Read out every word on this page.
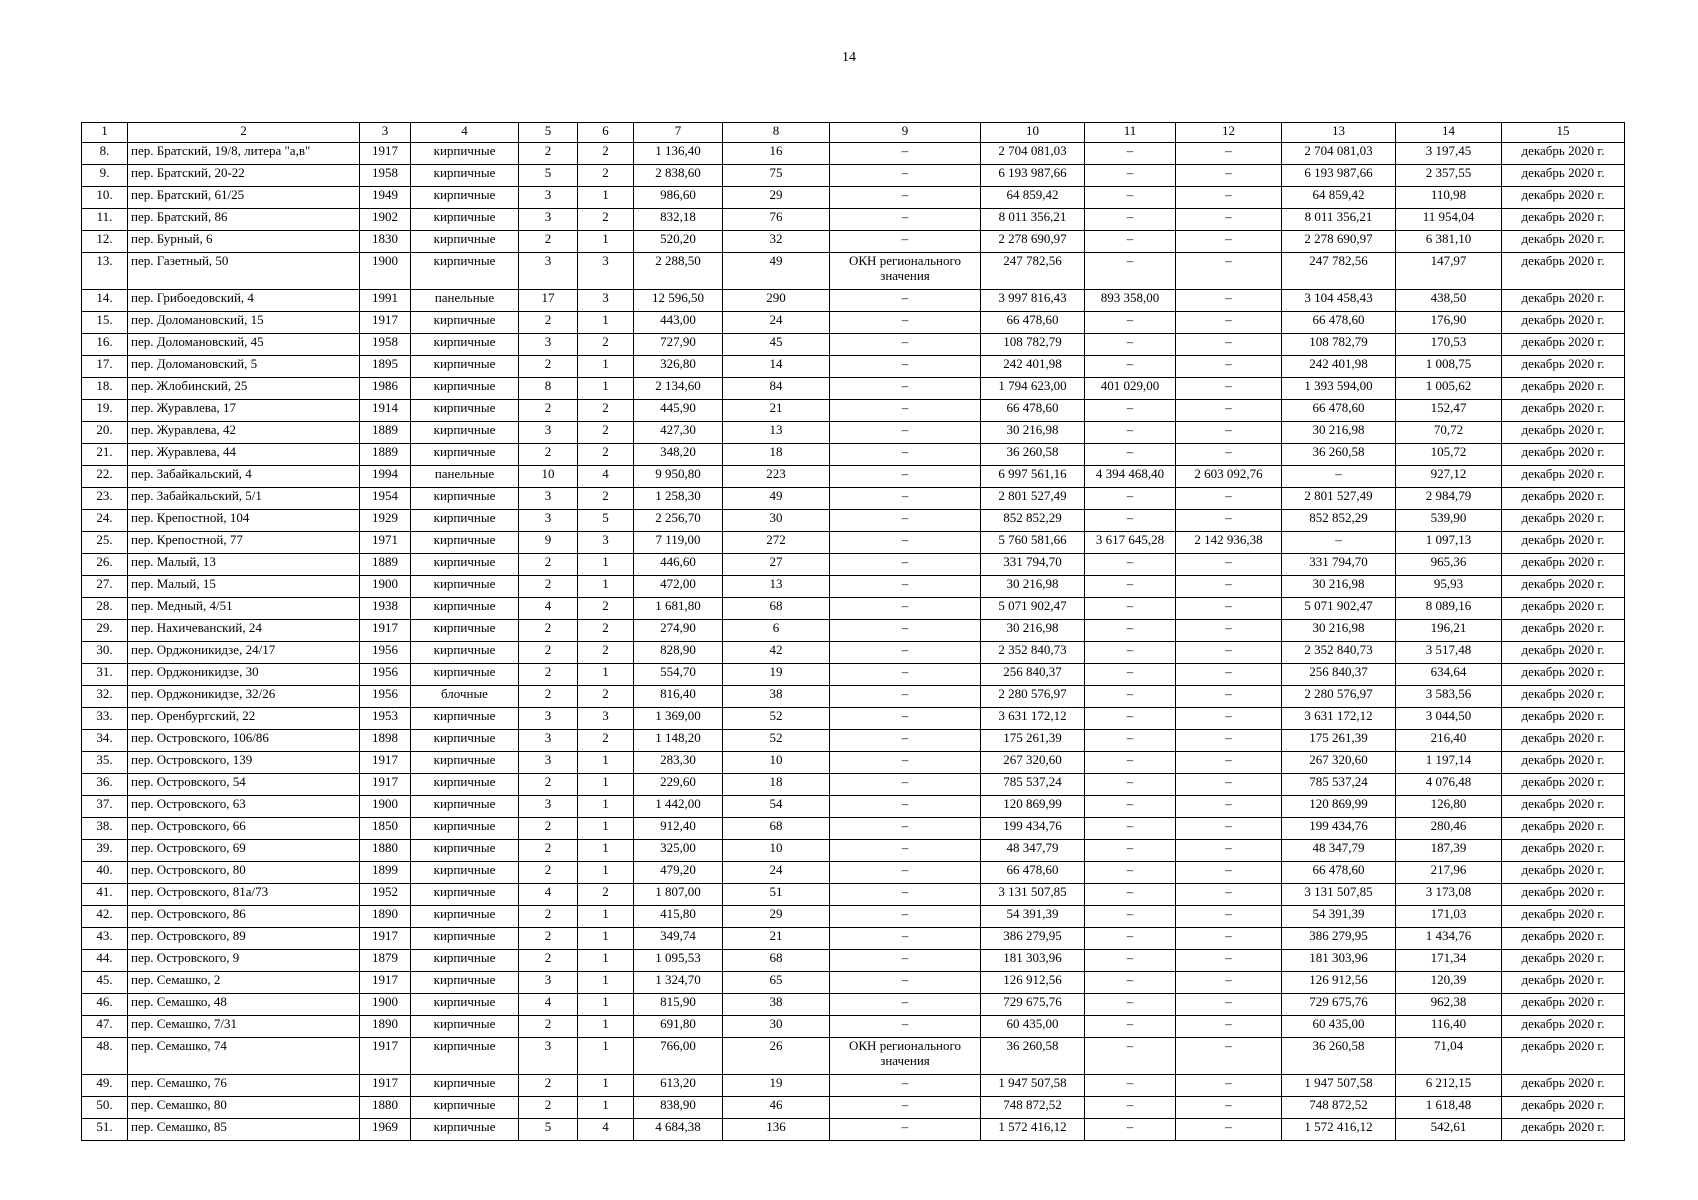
14
1	2	3	4	5	6	7	8	9	10	11	12	13	14	15
8.	пер. Братский, 19/8, литера "а,в"	1917	кирпичные	2	2	1 136,40	16	–	2 704 081,03	–	–	2 704 081,03	3 197,45	декабрь 2020 г.
9.	пер. Братский, 20-22	1958	кирпичные	5	2	2 838,60	75	–	6 193 987,66	–	–	6 193 987,66	2 357,55	декабрь 2020 г.
10.	пер. Братский, 61/25	1949	кирпичные	3	1	986,60	29	–	64 859,42	–	–	64 859,42	110,98	декабрь 2020 г.
11.	пер. Братский, 86	1902	кирпичные	3	2	832,18	76	–	8 011 356,21	–	–	8 011 356,21	11 954,04	декабрь 2020 г.
12.	пер. Бурный, 6	1830	кирпичные	2	1	520,20	32	–	2 278 690,97	–	–	2 278 690,97	6 381,10	декабрь 2020 г.
13.	пер. Газетный, 50	1900	кирпичные	3	3	2 288,50	49	ОКН регионального значения	247 782,56	–	–	247 782,56	147,97	декабрь 2020 г.
14.	пер. Грибоедовский, 4	1991	панельные	17	3	12 596,50	290	–	3 997 816,43	893 358,00	–	3 104 458,43	438,50	декабрь 2020 г.
15.	пер. Доломановский, 15	1917	кирпичные	2	1	443,00	24	–	66 478,60	–	–	66 478,60	176,90	декабрь 2020 г.
16.	пер. Доломановский, 45	1958	кирпичные	3	2	727,90	45	–	108 782,79	–	–	108 782,79	170,53	декабрь 2020 г.
17.	пер. Доломановский, 5	1895	кирпичные	2	1	326,80	14	–	242 401,98	–	–	242 401,98	1 008,75	декабрь 2020 г.
18.	пер. Жлобинский, 25	1986	кирпичные	8	1	2 134,60	84	–	1 794 623,00	401 029,00	–	1 393 594,00	1 005,62	декабрь 2020 г.
19.	пер. Журавлева, 17	1914	кирпичные	2	2	445,90	21	–	66 478,60	–	–	66 478,60	152,47	декабрь 2020 г.
20.	пер. Журавлева, 42	1889	кирпичные	3	2	427,30	13	–	30 216,98	–	–	30 216,98	70,72	декабрь 2020 г.
21.	пер. Журавлева, 44	1889	кирпичные	2	2	348,20	18	–	36 260,58	–	–	36 260,58	105,72	декабрь 2020 г.
22.	пер. Забайкальский, 4	1994	панельные	10	4	9 950,80	223	–	6 997 561,16	4 394 468,40	2 603 092,76	–	927,12	декабрь 2020 г.
23.	пер. Забайкальский, 5/1	1954	кирпичные	3	2	1 258,30	49	–	2 801 527,49	–	–	2 801 527,49	2 984,79	декабрь 2020 г.
24.	пер. Крепостной, 104	1929	кирпичные	3	5	2 256,70	30	–	852 852,29	–	–	852 852,29	539,90	декабрь 2020 г.
25.	пер. Крепостной, 77	1971	кирпичные	9	3	7 119,00	272	–	5 760 581,66	3 617 645,28	2 142 936,38	–	1 097,13	декабрь 2020 г.
26.	пер. Малый, 13	1889	кирпичные	2	1	446,60	27	–	331 794,70	–	–	331 794,70	965,36	декабрь 2020 г.
27.	пер. Малый, 15	1900	кирпичные	2	1	472,00	13	–	30 216,98	–	–	30 216,98	95,93	декабрь 2020 г.
28.	пер. Медный, 4/51	1938	кирпичные	4	2	1 681,80	68	–	5 071 902,47	–	–	5 071 902,47	8 089,16	декабрь 2020 г.
29.	пер. Нахичеванский, 24	1917	кирпичные	2	2	274,90	6	–	30 216,98	–	–	30 216,98	196,21	декабрь 2020 г.
30.	пер. Орджоникидзе, 24/17	1956	кирпичные	2	2	828,90	42	–	2 352 840,73	–	–	2 352 840,73	3 517,48	декабрь 2020 г.
31.	пер. Орджоникидзе, 30	1956	кирпичные	2	1	554,70	19	–	256 840,37	–	–	256 840,37	634,64	декабрь 2020 г.
32.	пер. Орджоникидзе, 32/26	1956	блочные	2	2	816,40	38	–	2 280 576,97	–	–	2 280 576,97	3 583,56	декабрь 2020 г.
33.	пер. Оренбургский, 22	1953	кирпичные	3	3	1 369,00	52	–	3 631 172,12	–	–	3 631 172,12	3 044,50	декабрь 2020 г.
34.	пер. Островского, 106/86	1898	кирпичные	3	2	1 148,20	52	–	175 261,39	–	–	175 261,39	216,40	декабрь 2020 г.
35.	пер. Островского, 139	1917	кирпичные	3	1	283,30	10	–	267 320,60	–	–	267 320,60	1 197,14	декабрь 2020 г.
36.	пер. Островского, 54	1917	кирпичные	2	1	229,60	18	–	785 537,24	–	–	785 537,24	4 076,48	декабрь 2020 г.
37.	пер. Островского, 63	1900	кирпичные	3	1	1 442,00	54	–	120 869,99	–	–	120 869,99	126,80	декабрь 2020 г.
38.	пер. Островского, 66	1850	кирпичные	2	1	912,40	68	–	199 434,76	–	–	199 434,76	280,46	декабрь 2020 г.
39.	пер. Островского, 69	1880	кирпичные	2	1	325,00	10	–	48 347,79	–	–	48 347,79	187,39	декабрь 2020 г.
40.	пер. Островского, 80	1899	кирпичные	2	1	479,20	24	–	66 478,60	–	–	66 478,60	217,96	декабрь 2020 г.
41.	пер. Островского, 81а/73	1952	кирпичные	4	2	1 807,00	51	–	3 131 507,85	–	–	3 131 507,85	3 173,08	декабрь 2020 г.
42.	пер. Островского, 86	1890	кирпичные	2	1	415,80	29	–	54 391,39	–	–	54 391,39	171,03	декабрь 2020 г.
43.	пер. Островского, 89	1917	кирпичные	2	1	349,74	21	–	386 279,95	–	–	386 279,95	1 434,76	декабрь 2020 г.
44.	пер. Островского, 9	1879	кирпичные	2	1	1 095,53	68	–	181 303,96	–	–	181 303,96	171,34	декабрь 2020 г.
45.	пер. Семашко, 2	1917	кирпичные	3	1	1 324,70	65	–	126 912,56	–	–	126 912,56	120,39	декабрь 2020 г.
46.	пер. Семашко, 48	1900	кирпичные	4	1	815,90	38	–	729 675,76	–	–	729 675,76	962,38	декабрь 2020 г.
47.	пер. Семашко, 7/31	1890	кирпичные	2	1	691,80	30	–	60 435,00	–	–	60 435,00	116,40	декабрь 2020 г.
48.	пер. Семашко, 74	1917	кирпичные	3	1	766,00	26	ОКН регионального значения	36 260,58	–	–	36 260,58	71,04	декабрь 2020 г.
49.	пер. Семашко, 76	1917	кирпичные	2	1	613,20	19	–	1 947 507,58	–	–	1 947 507,58	6 212,15	декабрь 2020 г.
50.	пер. Семашко, 80	1880	кирпичные	2	1	838,90	46	–	748 872,52	–	–	748 872,52	1 618,48	декабрь 2020 г.
51.	пер. Семашко, 85	1969	кирпичные	5	4	4 684,38	136	–	1 572 416,12	–	–	1 572 416,12	542,61	декабрь 2020 г.
